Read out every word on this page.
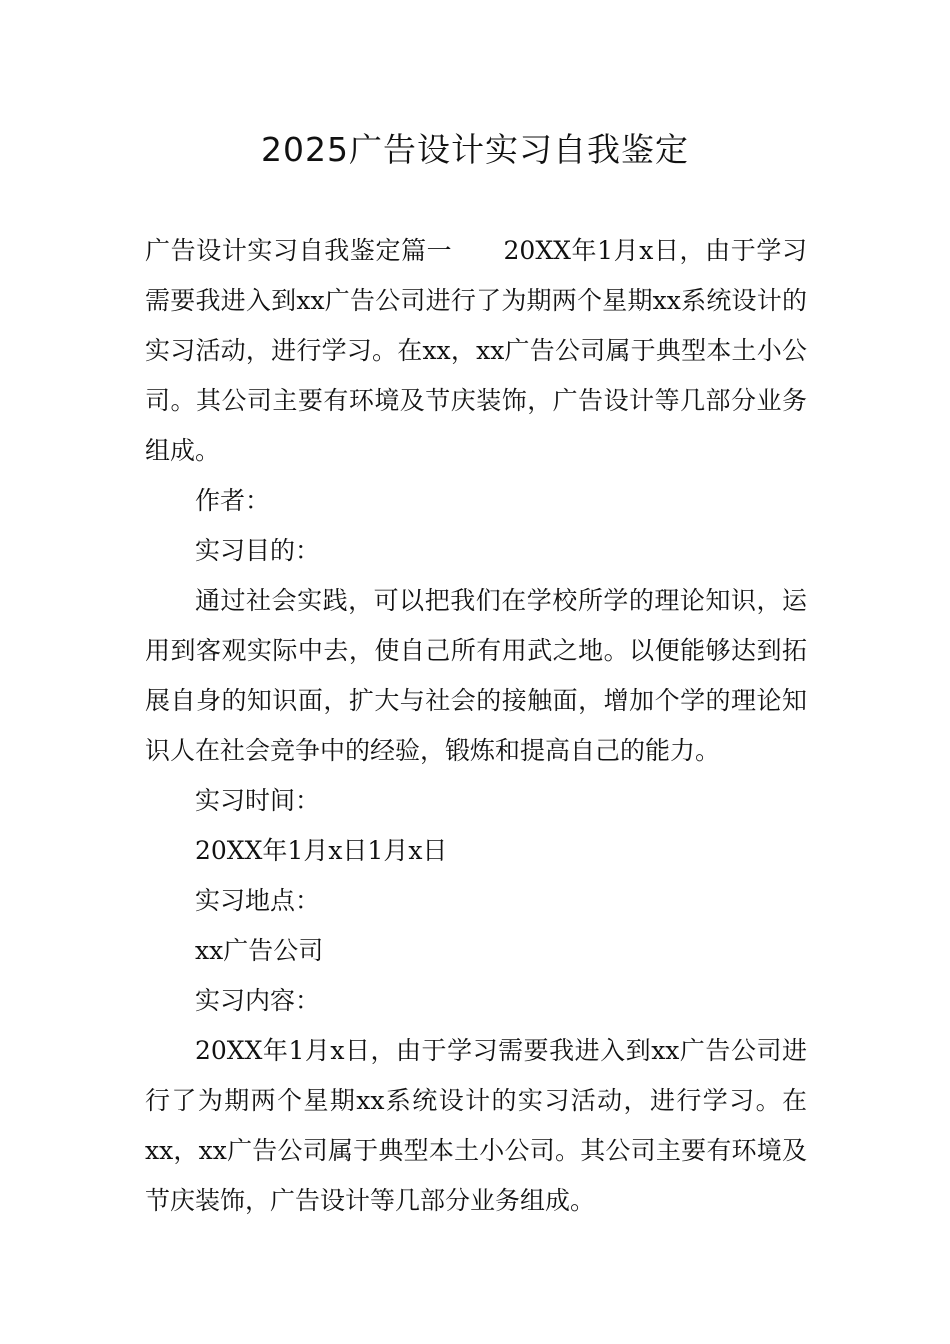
2025广告设计实习自我鉴定

广告设计实习自我鉴定篇一　　20XX年1月x日，由于学习需要我进入到xx广告公司进行了为期两个星期xx系统设计的实习活动，进行学习。在xx，xx广告公司属于典型本土小公司。其公司主要有环境及节庆装饰，广告设计等几部分业务组成。

作者：

实习目的：

通过社会实践，可以把我们在学校所学的理论知识，运用到客观实际中去，使自己所有用武之地。以便能够达到拓展自身的知识面，扩大与社会的接触面，增加个学的理论知识人在社会竞争中的经验，锻炼和提高自己的能力。

实习时间：

20XX年1月x日1月x日

实习地点：

xx广告公司

实习内容：

20XX年1月x日，由于学习需要我进入到xx广告公司进行了为期两个星期xx系统设计的实习活动，进行学习。在xx，xx广告公司属于典型本土小公司。其公司主要有环境及节庆装饰，广告设计等几部分业务组成。
